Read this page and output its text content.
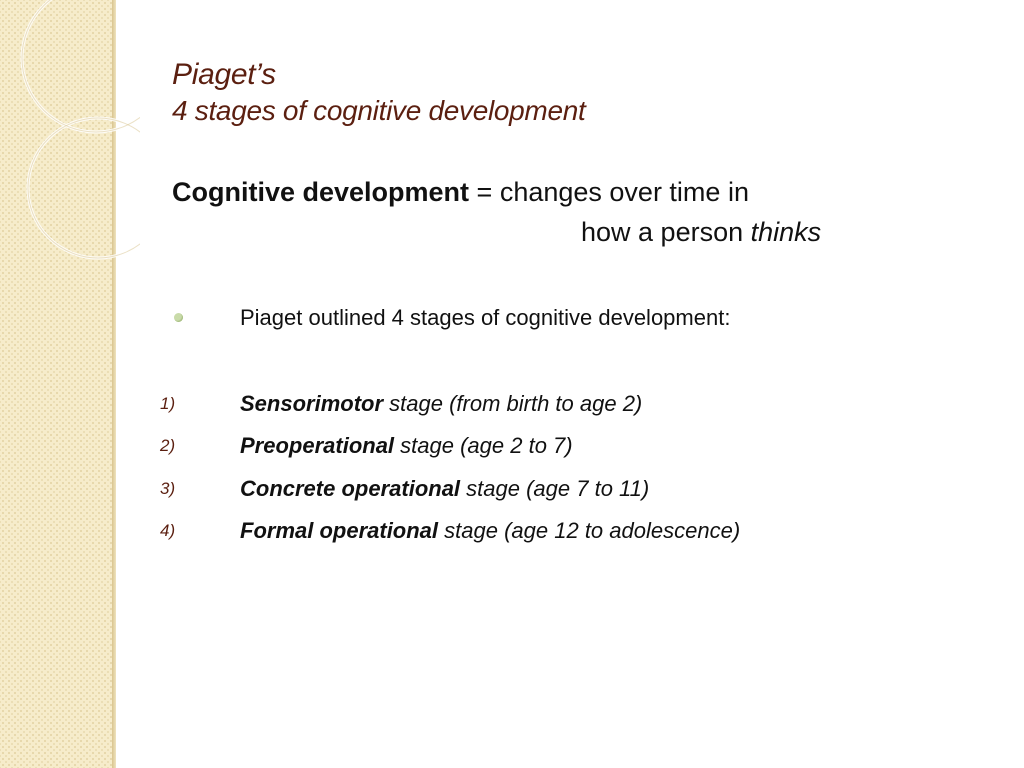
Piaget’s
4 stages of cognitive development
Cognitive development = changes over time in
how a person thinks
Piaget outlined 4 stages of cognitive development:
1)	Sensorimotor stage (from birth to age 2)
2)	Preoperational stage (age 2 to 7)
3)	Concrete operational stage (age 7 to 11)
4)	Formal operational stage (age 12 to adolescence)
